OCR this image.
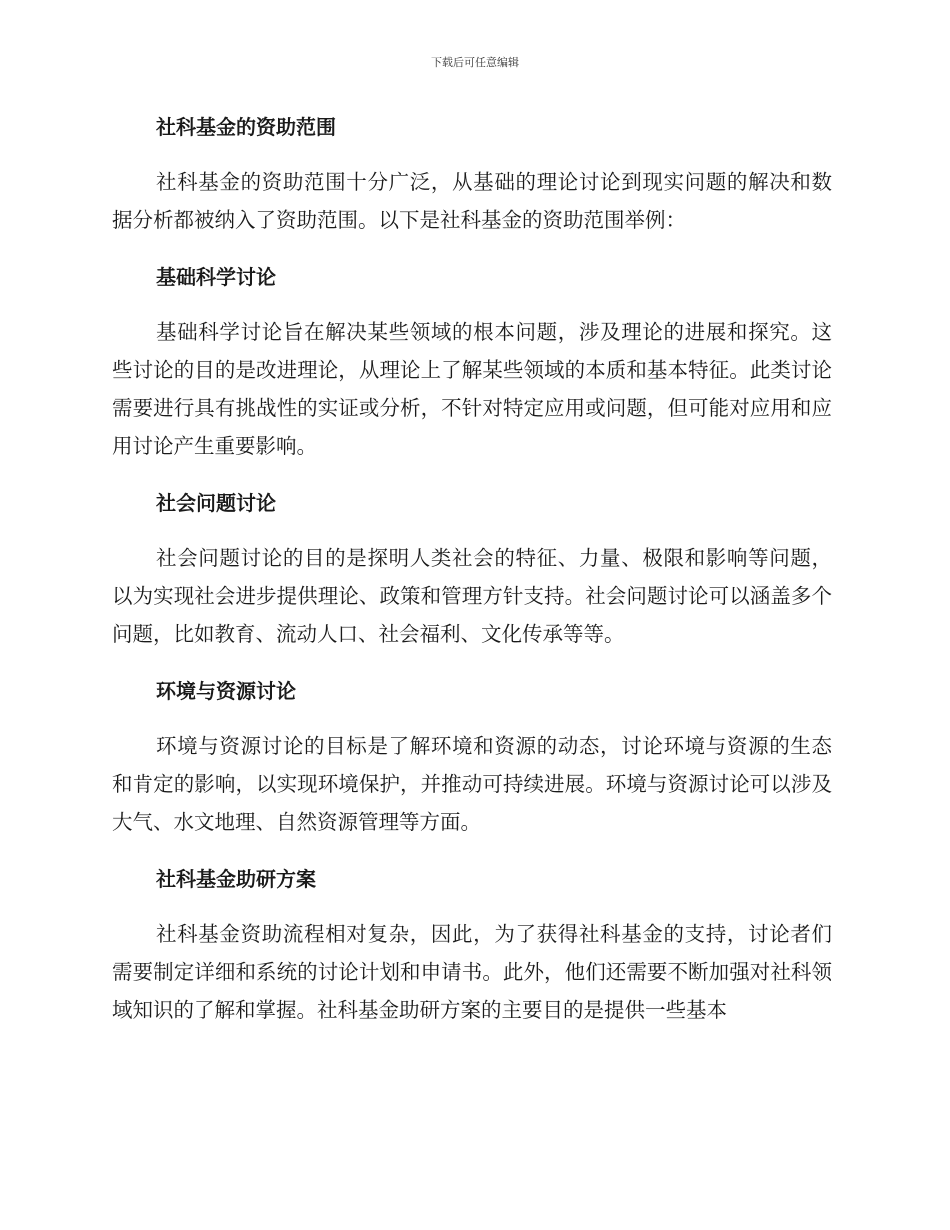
下载后可任意编辑
社科基金的资助范围

社科基金的资助范围十分广泛，从基础的理论讨论到现实问题的解决和数据分析都被纳入了资助范围。以下是社科基金的资助范围举例：

基础科学讨论

基础科学讨论旨在解决某些领域的根本问题，涉及理论的进展和探究。这些讨论的目的是改进理论，从理论上了解某些领域的本质和基本特征。此类讨论需要进行具有挑战性的实证或分析，不针对特定应用或问题，但可能对应用和应用讨论产生重要影响。

社会问题讨论

社会问题讨论的目的是探明人类社会的特征、力量、极限和影响等问题，以为实现社会进步提供理论、政策和管理方针支持。社会问题讨论可以涵盖多个问题，比如教育、流动人口、社会福利、文化传承等等。

环境与资源讨论

环境与资源讨论的目标是了解环境和资源的动态，讨论环境与资源的生态和肯定的影响，以实现环境保护，并推动可持续进展。环境与资源讨论可以涉及大气、水文地理、自然资源管理等方面。

社科基金助研方案

社科基金资助流程相对复杂，因此，为了获得社科基金的支持，讨论者们需要制定详细和系统的讨论计划和申请书。此外，他们还需要不断加强对社科领域知识的了解和掌握。社科基金助研方案的主要目的是提供一些基本
